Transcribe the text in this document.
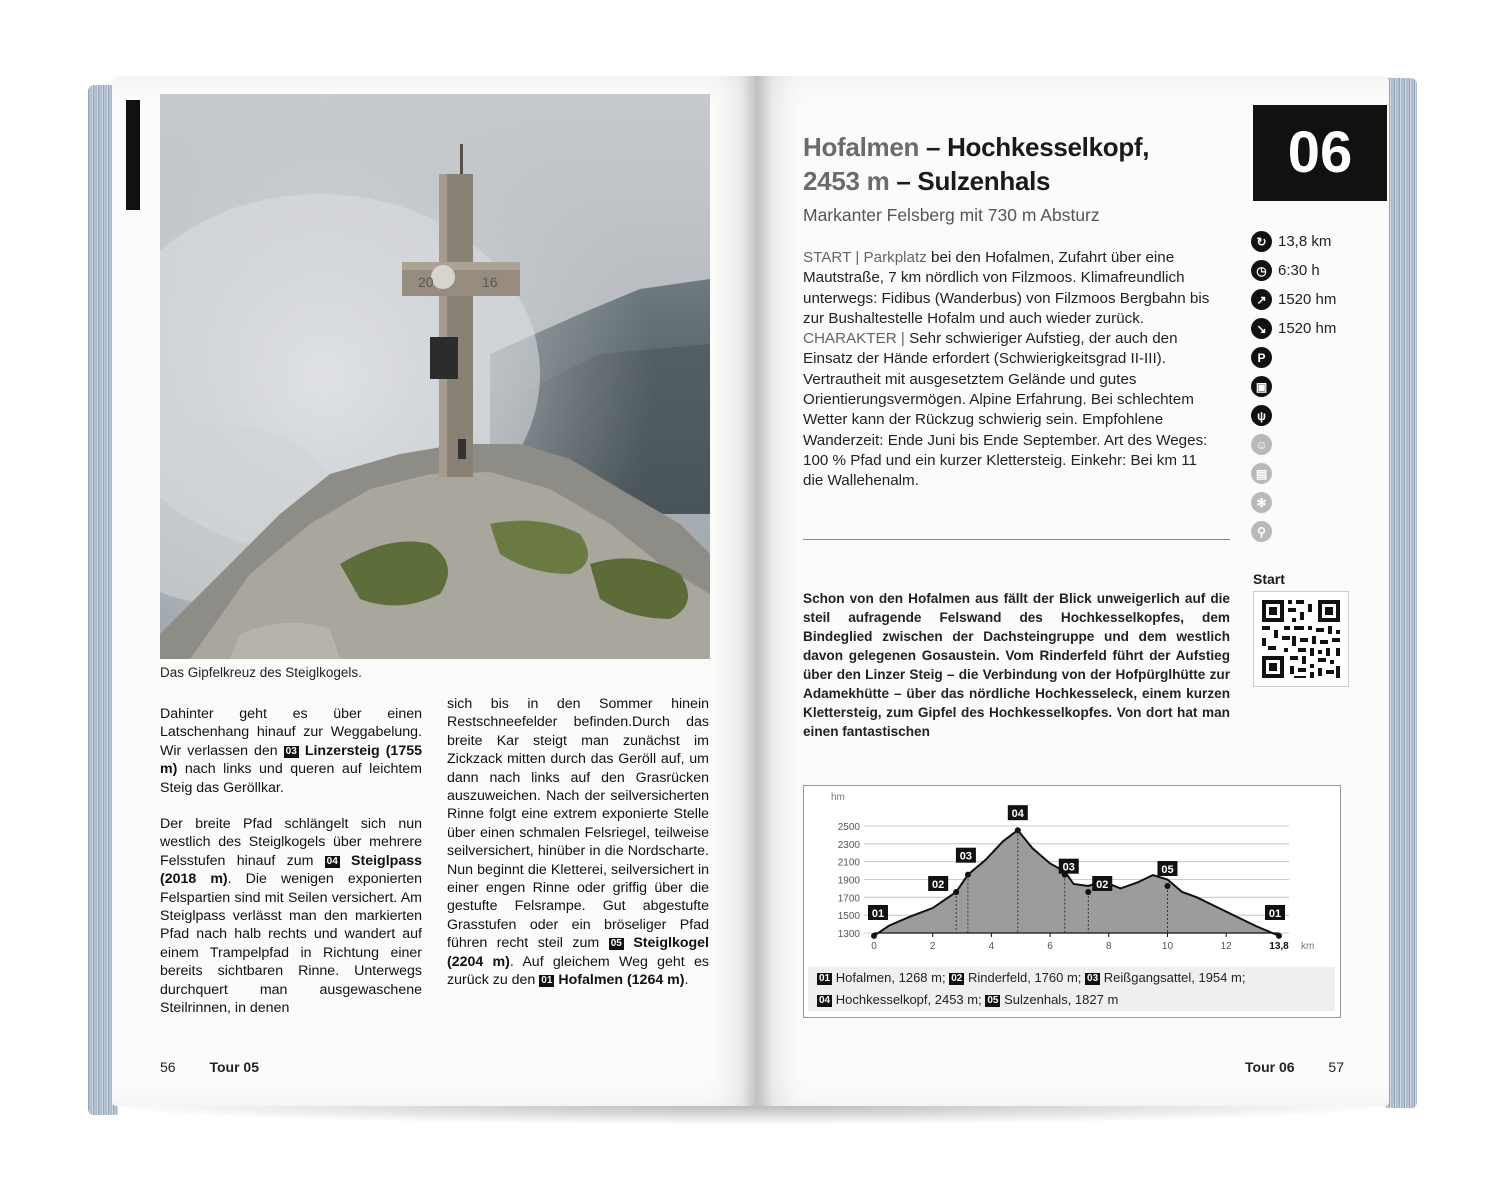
20	16
Das Gipfelkreuz des Steiglkogels.

Dahinter geht es über einen Latschenhang hinauf zur Weggabelung. Wir verlassen den 03 Linzersteig (1755 m) nach links und queren auf leichtem Steig das Geröllkar.

Der breite Pfad schlängelt sich nun westlich des Steiglkogels über mehrere Felsstufen hinauf zum 04 Steiglpass (2018 m). Die wenigen exponierten Felspartien sind mit Seilen versichert. Am Steiglpass verlässt man den markierten Pfad nach halb rechts und wandert auf einem Trampelpfad in Richtung einer bereits sichtbaren Rinne. Unterwegs durchquert man ausgewaschene Steilrinnen, in denen

sich bis in den Sommer hinein Restschneefelder befinden.Durch das breite Kar steigt man zunächst im Zickzack mitten durch das Geröll auf, um dann nach links auf den Grasrücken auszuweichen. Nach der seilversicherten Rinne folgt eine extrem exponierte Stelle über einen schmalen Felsriegel, teilweise seilversichert, hinüber in die Nordscharte. Nun beginnt die Kletterei, seilversichert in einer engen Rinne oder griffig über die gestufte Felsrampe. Gut abgestufte Grasstufen oder ein bröseliger Pfad führen recht steil zum 05 Steiglkogel (2204 m). Auf gleichem Weg geht es zurück zu den 01 Hofalmen (1264 m).

56 Tour 05
Hofalmen – Hochkesselkopf,
2453 m – Sulzenhals
Markanter Felsberg mit 730 m Absturz
START | Parkplatz bei den Hofalmen, Zufahrt über eine Mautstraße, 7 km nördlich von Filzmoos. Klimafreundlich unterwegs: Fidibus (Wanderbus) von Filzmoos Bergbahn bis zur Bushaltestelle Hofalm und auch wieder zurück.
CHARAKTER | Sehr schwieriger Aufstieg, der auch den Einsatz der Hände erfordert (Schwierigkeitsgrad II-III). Vertrautheit mit ausgesetztem Gelände und gutes Orientierungsvermögen. Alpine Erfahrung. Bei schlechtem Wetter kann der Rückzug schwierig sein. Empfohlene Wanderzeit: Ende Juni bis Ende September. Art des Weges: 100 % Pfad und ein kurzer Klettersteig. Einkehr: Bei km 11 die Wallehenalm.
Schon von den Hofalmen aus fällt der Blick unweigerlich auf die steil aufragende Felswand des Hochkesselkopfes, dem Bindeglied zwischen der Dachsteingruppe und dem westlich davon gelegenen Gosaustein. Vom Rinderfeld führt der Aufstieg über den Linzer Steig – die Verbindung von der Hofpürglhütte zur Adamekhütte – über das nördliche Hochkesseleck, einem kurzen Klettersteig, zum Gipfel des Hochkesselkopfes. Von dort hat man einen fantastischen
06
↻ 13,8 km
◷ 6:30 h
↗ 1520 hm
↘ 1520 hm
P
▣
ψ
☺
▤
✻
⚲
Start
hm
1300
1500
1700
1900
2100
2300
2500
01
02
03
04
03
02
05
01
0	2	4	6	8	10	12	13,8 km
01 Hofalmen, 1268 m; 02 Rinderfeld, 1760 m; 03 Reißgangsattel, 1954 m;
04 Hochkesselkopf, 2453 m; 05 Sulzenhals, 1827 m
Tour 06 57
